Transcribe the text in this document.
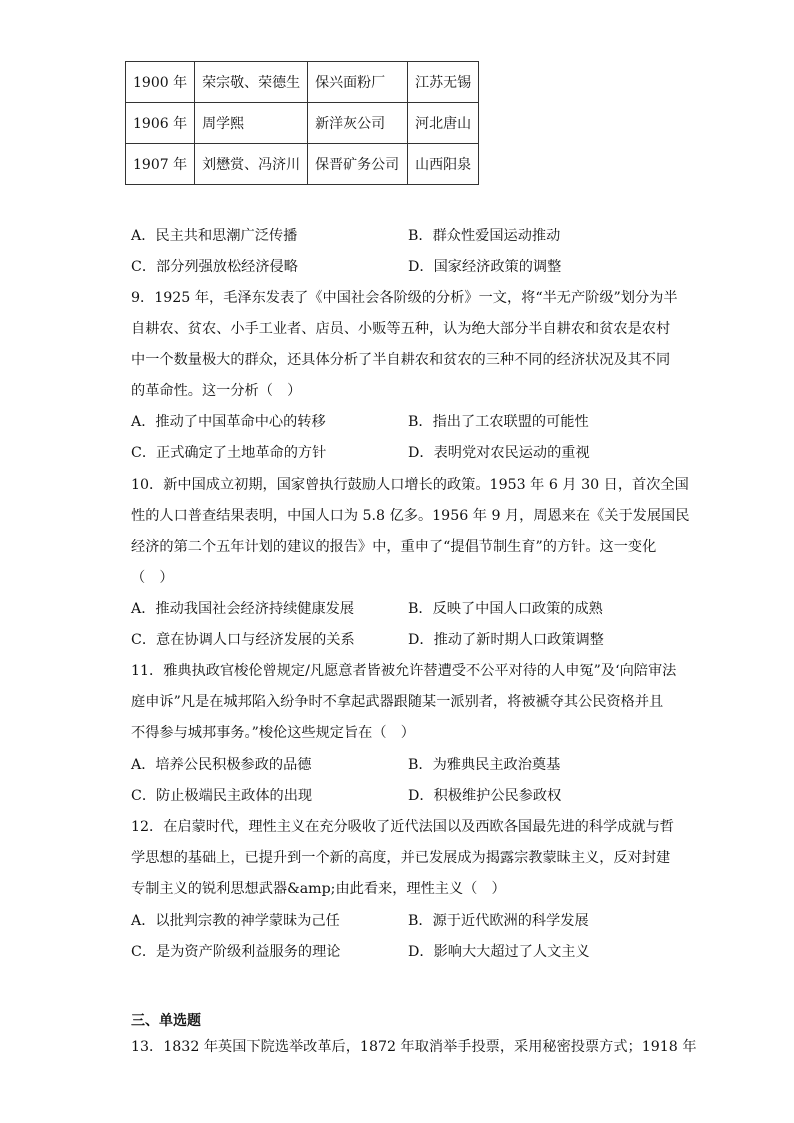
1900 年	荣宗敬、荣德生	保兴面粉厂	江苏无锡
1906 年	周学熙	新洋灰公司	河北唐山
1907 年	刘懋赏、冯济川	保晋矿务公司	山西阳泉
A．民主共和思潮广泛传播	B．群众性爱国运动推动
C．部分列强放松经济侵略	D．国家经济政策的调整
9．1925 年，毛泽东发表了《中国社会各阶级的分析》一文，将“半无产阶级”划分为半
自耕农、贫农、小手工业者、店员、小贩等五种，认为绝大部分半自耕农和贫农是农村
中一个数量极大的群众，还具体分析了半自耕农和贫农的三种不同的经济状况及其不同
的革命性。这一分析（　）
A．推动了中国革命中心的转移	B．指出了工农联盟的可能性
C．正式确定了土地革命的方针	D．表明党对农民运动的重视
10．新中国成立初期，国家曾执行鼓励人口增长的政策。1953 年 6 月 30 日，首次全国
性的人口普查结果表明，中国人口为 5.8 亿多。1956 年 9 月，周恩来在《关于发展国民
经济的第二个五年计划的建议的报告》中，重申了“提倡节制生育”的方针。这一变化
（　）
A．推动我国社会经济持续健康发展	B．反映了中国人口政策的成熟
C．意在协调人口与经济发展的关系	D．推动了新时期人口政策调整
11．雅典执政官梭伦曾规定/凡愿意者皆被允许替遭受不公平对待的人申冤”及‘向陪审法
庭申诉”凡是在城邦陷入纷争时不拿起武器跟随某一派别者，将被褫夺其公民资格并且
不得参与城邦事务。”梭伦这些规定旨在（　）
A．培养公民积极参政的品德	B．为雅典民主政治奠基
C．防止极端民主政体的出现	D．积极维护公民参政权
12．在启蒙时代，理性主义在充分吸收了近代法国以及西欧各国最先进的科学成就与哲
学思想的基础上，已提升到一个新的高度，并已发展成为揭露宗教蒙昧主义，反对封建
专制主义的锐利思想武器&amp;由此看来，理性主义（　）
A．以批判宗教的神学蒙昧为己任	B．源于近代欧洲的科学发展
C．是为资产阶级利益服务的理论	D．影响大大超过了人文主义
三、单选题
13．1832 年英国下院选举改革后，1872 年取消举手投票，采用秘密投票方式；1918 年
